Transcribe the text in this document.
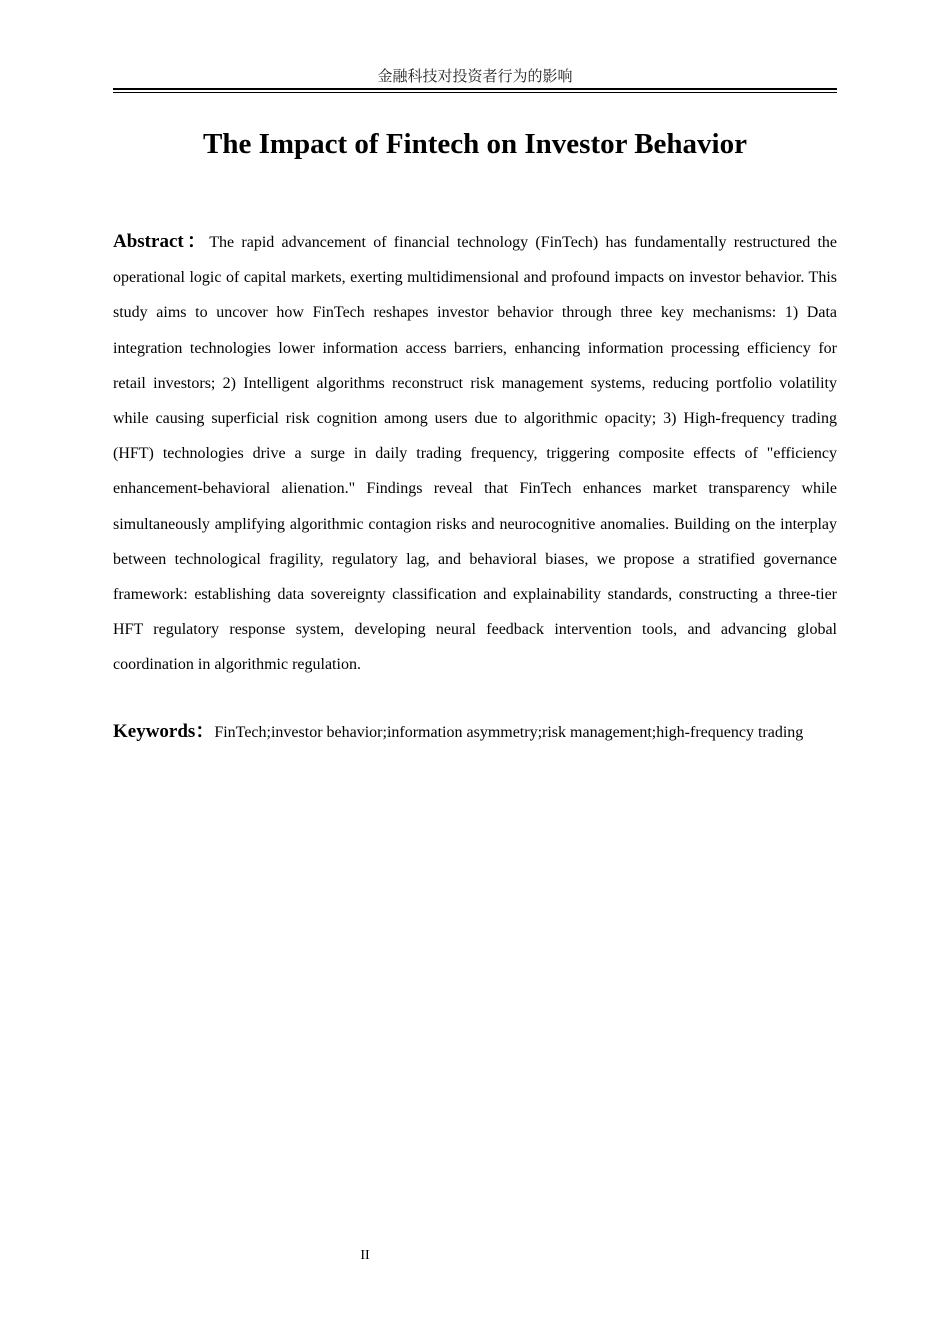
金融科技对投资者行为的影响
The Impact of Fintech on Investor Behavior

Abstract：The rapid advancement of financial technology (FinTech) has fundamentally restructured the operational logic of capital markets, exerting multidimensional and profound impacts on investor behavior. This study aims to uncover how FinTech reshapes investor behavior through three key mechanisms: 1) Data integration technologies lower information access barriers, enhancing information processing efficiency for retail investors; 2) Intelligent algorithms reconstruct risk management systems, reducing portfolio volatility while causing superficial risk cognition among users due to algorithmic opacity; 3) High-frequency trading (HFT) technologies drive a surge in daily trading frequency, triggering composite effects of "efficiency enhancement-behavioral alienation." Findings reveal that FinTech enhances market transparency while simultaneously amplifying algorithmic contagion risks and neurocognitive anomalies. Building on the interplay between technological fragility, regulatory lag, and behavioral biases, we propose a stratified governance framework: establishing data sovereignty classification and explainability standards, constructing a three-tier HFT regulatory response system, developing neural feedback intervention tools, and advancing global coordination in algorithmic regulation.

Keywords：FinTech;investor behavior;information asymmetry;risk management;high-frequency trading

II
